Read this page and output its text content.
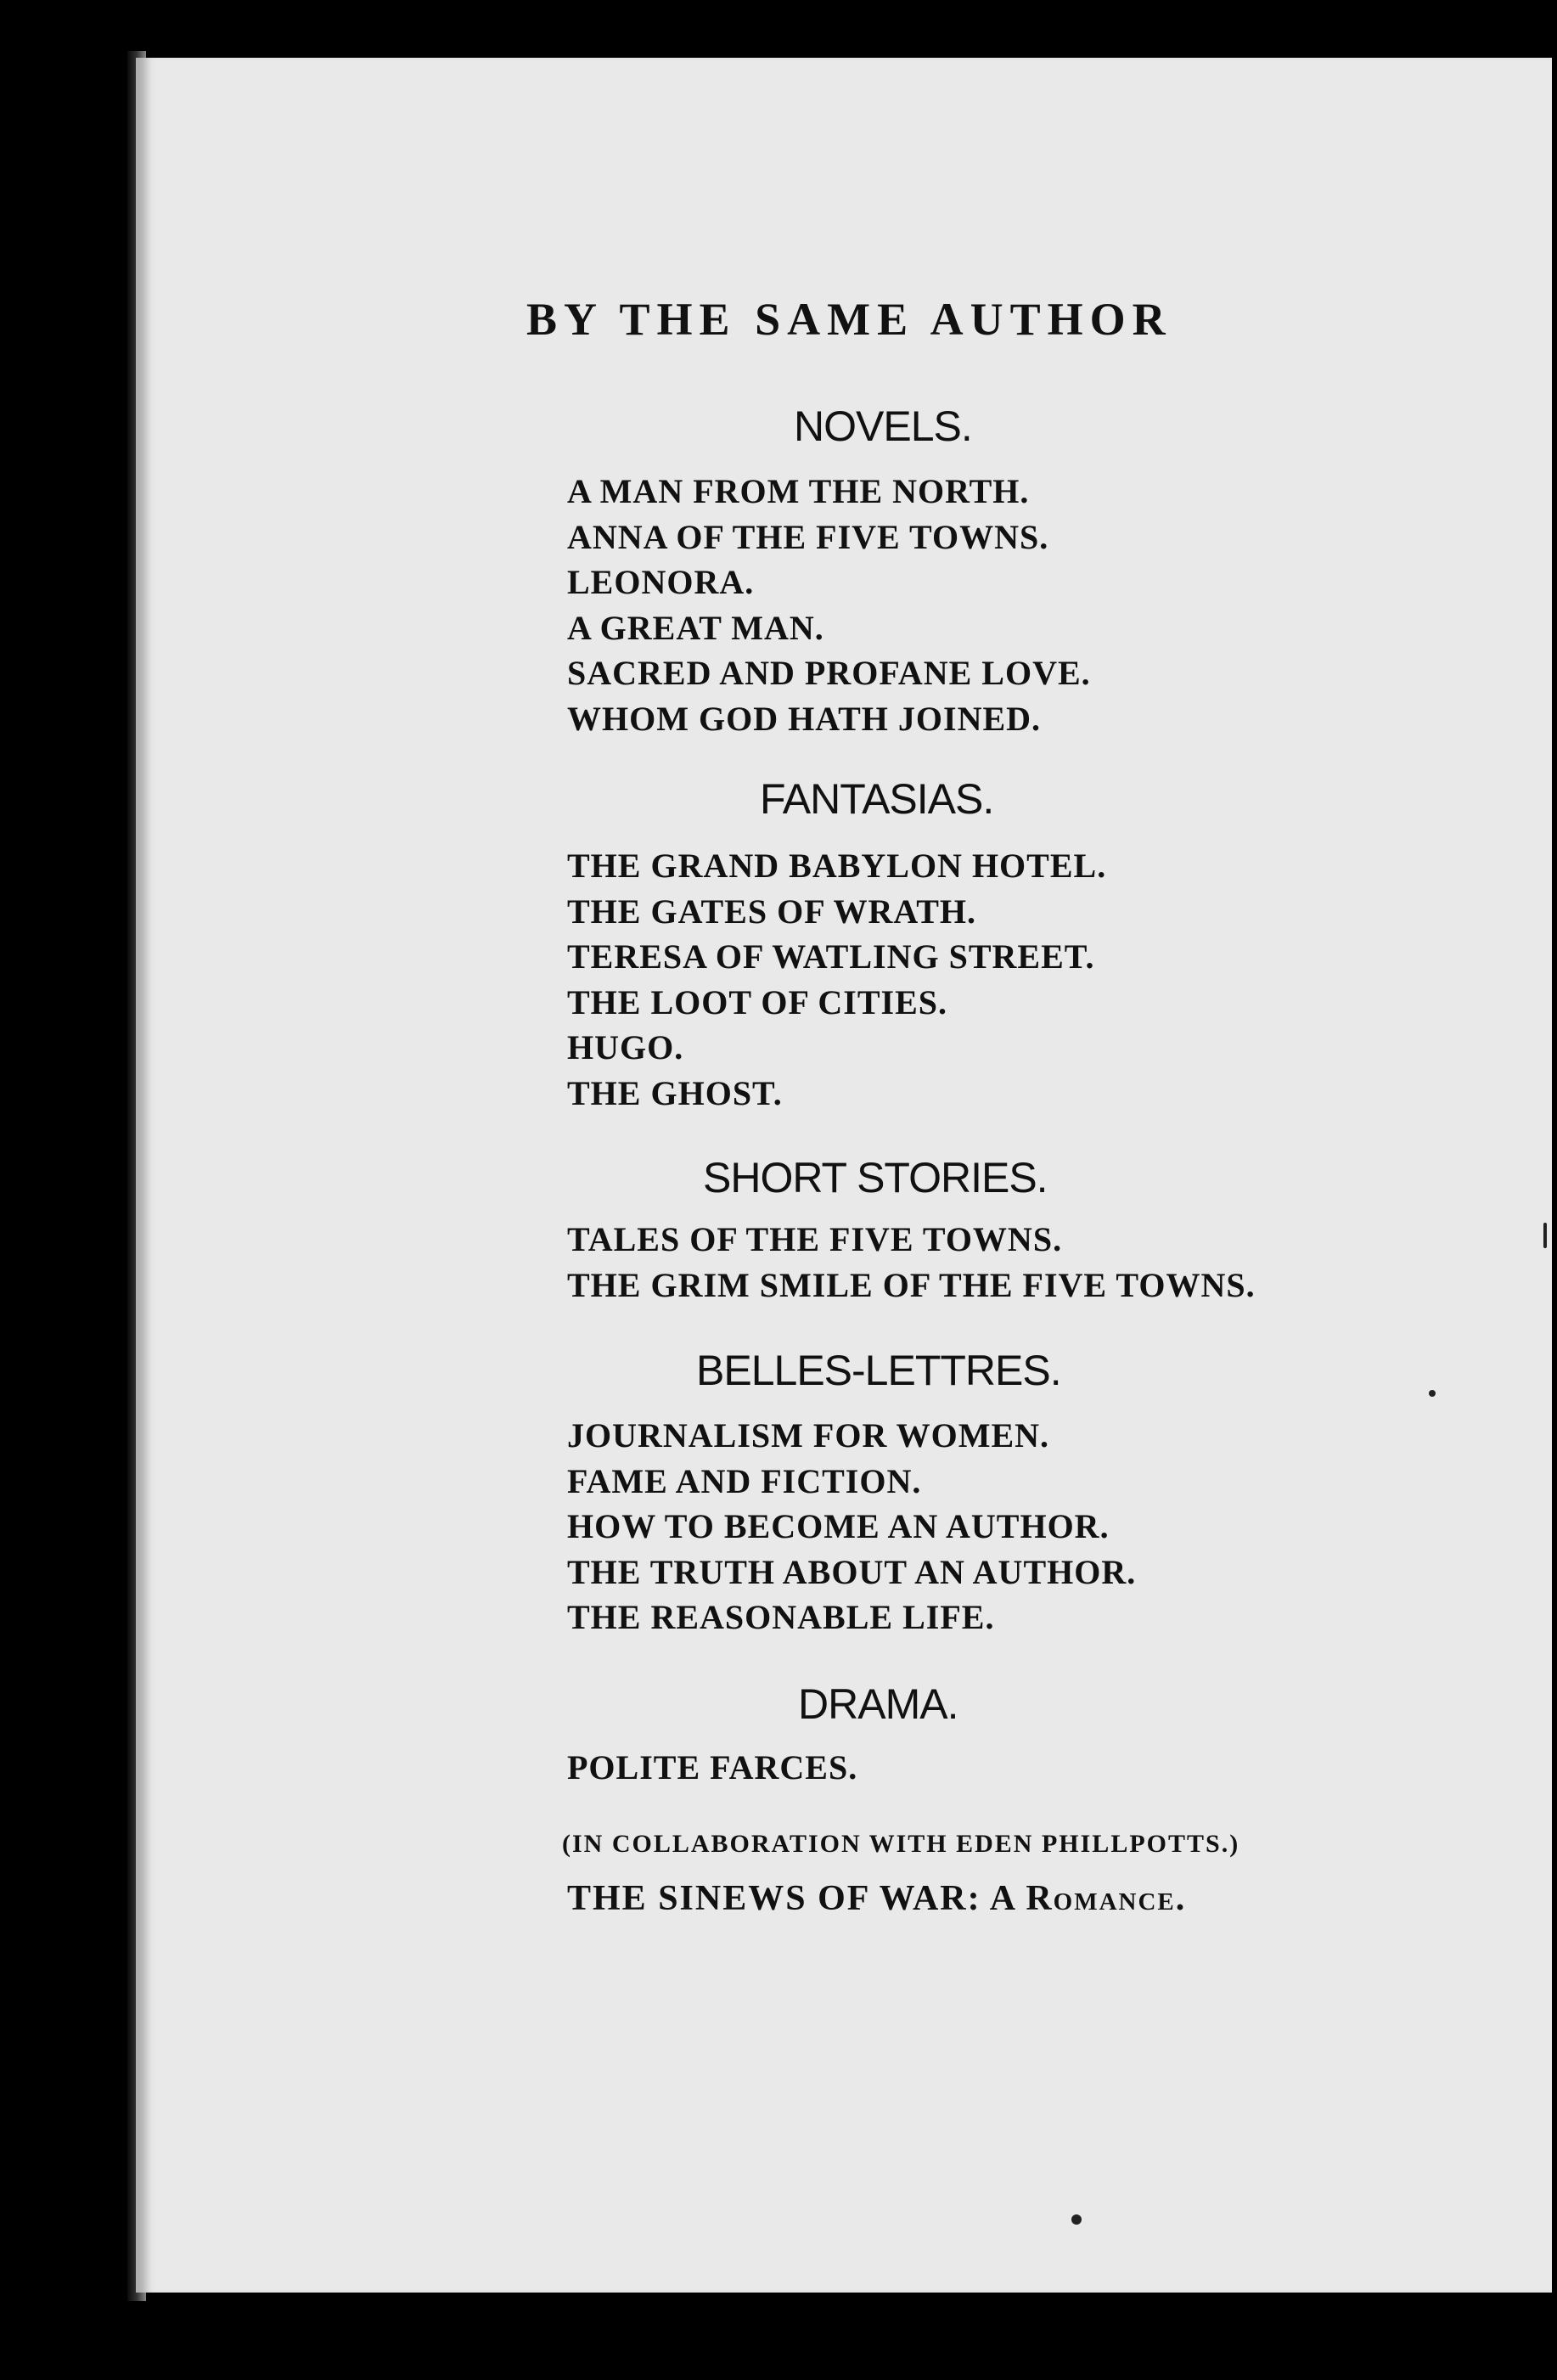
BY THE SAME AUTHOR
NOVELS.
A MAN FROM THE NORTH.
ANNA OF THE FIVE TOWNS.
LEONORA.
A GREAT MAN.
SACRED AND PROFANE LOVE.
WHOM GOD HATH JOINED.
FANTASIAS.
THE GRAND BABYLON HOTEL.
THE GATES OF WRATH.
TERESA OF WATLING STREET.
THE LOOT OF CITIES.
HUGO.
THE GHOST.
SHORT STORIES.
TALES OF THE FIVE TOWNS.
THE GRIM SMILE OF THE FIVE TOWNS.
BELLES-LETTRES.
JOURNALISM FOR WOMEN.
FAME AND FICTION.
HOW TO BECOME AN AUTHOR.
THE TRUTH ABOUT AN AUTHOR.
THE REASONABLE LIFE.
DRAMA.
POLITE FARCES.
(IN COLLABORATION WITH EDEN PHILLPOTTS.)
THE SINEWS OF WAR: A Romance.
